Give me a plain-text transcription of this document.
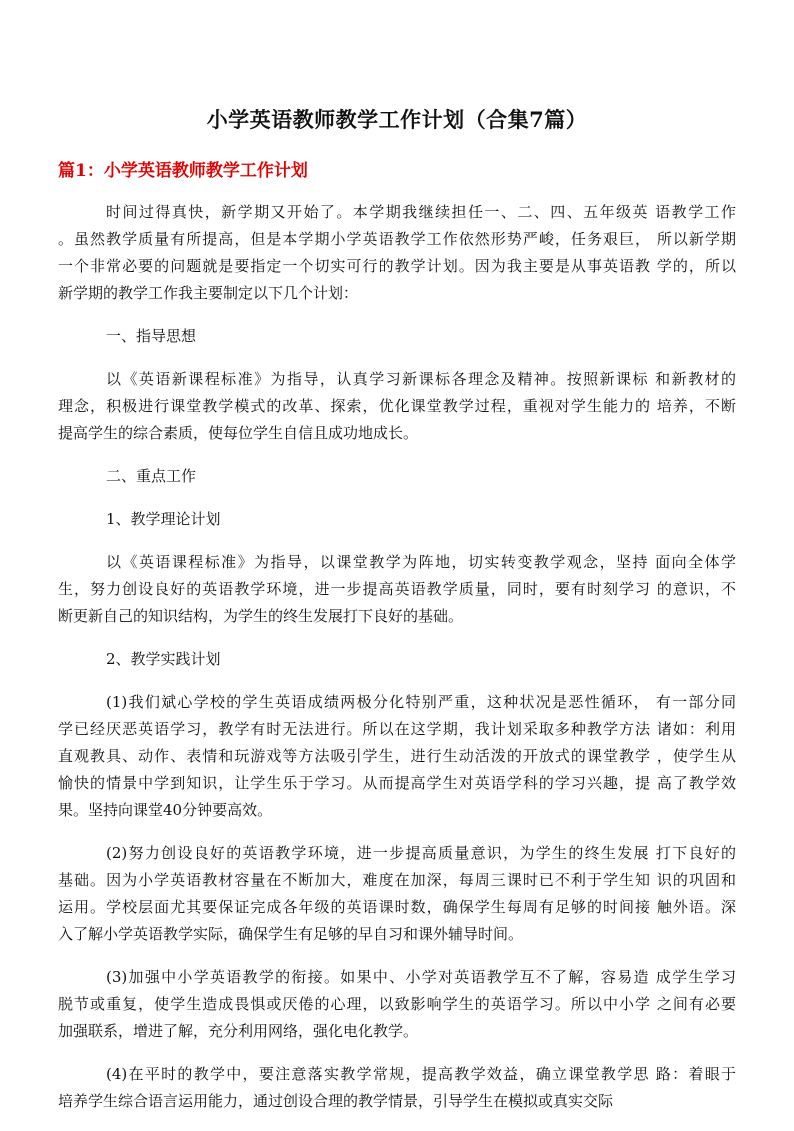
小学英语教师教学工作计划（合集7篇）
篇1：小学英语教师教学工作计划
时间过得真快，新学期又开始了。本学期我继续担任一、二、四、五年级英 语教学工作
。虽然教学质量有所提高，但是本学期小学英语教学工作依然形势严峻，任务艰巨， 所以新学期
一个非常必要的问题就是要指定一个切实可行的教学计划。因为我主要是从事英语教 学的，所以
新学期的教学工作我主要制定以下几个计划：
一、指导思想
以《英语新课程标准》为指导，认真学习新课标各理念及精神。按照新课标 和新教材的
理念，积极进行课堂教学模式的改革、探索，优化课堂教学过程，重视对学生能力的 培养，不断
提高学生的综合素质，使每位学生自信且成功地成长。
二、重点工作
1、教学理论计划
以《英语课程标准》为指导，以课堂教学为阵地，切实转变教学观念，坚持 面向全体学
生，努力创设良好的英语教学环境，进一步提高英语教学质量，同时，要有时刻学习 的意识，不
断更新自己的知识结构，为学生的终生发展打下良好的基础。
2、教学实践计划
(1)我们斌心学校的学生英语成绩两极分化特别严重，这种状况是恶性循环， 有一部分同
学已经厌恶英语学习，教学有时无法进行。所以在这学期，我计划采取多种教学方法 诸如：利用
直观教具、动作、表情和玩游戏等方法吸引学生，进行生动活泼的开放式的课堂教学 ，使学生从
愉快的情景中学到知识，让学生乐于学习。从而提高学生对英语学科的学习兴趣，提 高了教学效
果。坚持向课堂40分钟要高效。
(2)努力创设良好的英语教学环境，进一步提高质量意识，为学生的终生发展 打下良好的
基础。因为小学英语教材容量在不断加大，难度在加深，每周三课时已不利于学生知 识的巩固和
运用。学校层面尤其要保证完成各年级的英语课时数，确保学生每周有足够的时间接 触外语。深
入了解小学英语教学实际，确保学生有足够的早自习和课外辅导时间。
(3)加强中小学英语教学的衔接。如果中、小学对英语教学互不了解，容易造 成学生学习
脱节或重复，使学生造成畏惧或厌倦的心理，以致影响学生的英语学习。所以中小学 之间有必要
加强联系，增进了解，充分利用网络，强化电化教学。
(4)在平时的教学中，要注意落实教学常规，提高教学效益，确立课堂教学思 路：着眼于
培养学生综合语言运用能力，通过创设合理的教学情景，引导学生在模拟或真实交际
